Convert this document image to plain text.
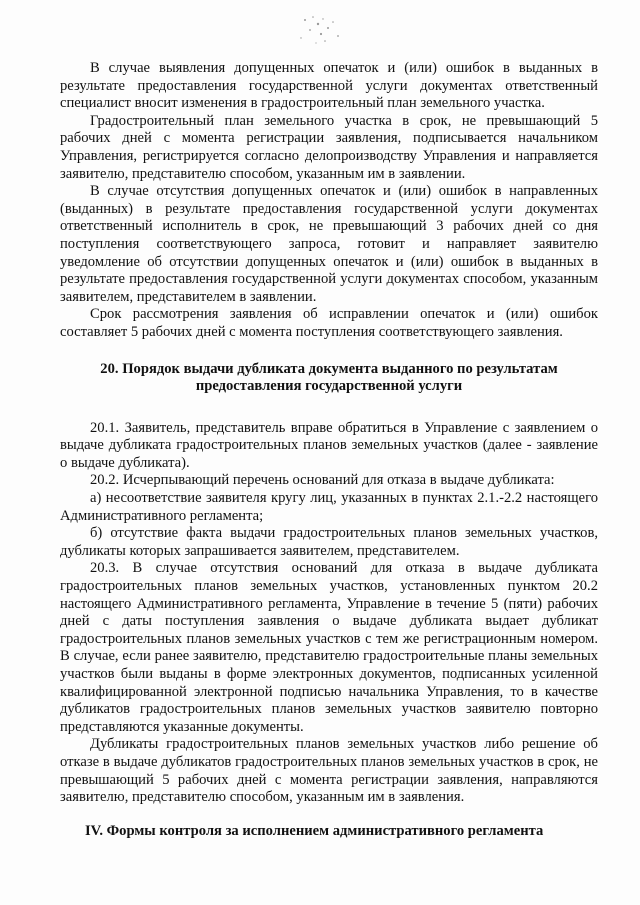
В случае выявления допущенных опечаток и (или) ошибок в выданных в результате предоставления государственной услуги документах ответственный специалист вносит изменения в градостроительный план земельного участка.

Градостроительный план земельного участка в срок, не превышающий 5 рабочих дней с момента регистрации заявления, подписывается начальником Управления, регистрируется согласно делопроизводству Управления и направляется заявителю, представителю способом, указанным им в заявлении.

В случае отсутствия допущенных опечаток и (или) ошибок в направленных (выданных) в результате предоставления государственной услуги документах ответственный исполнитель в срок, не превышающий 3 рабочих дней со дня поступления соответствующего запроса, готовит и направляет заявителю уведомление об отсутствии допущенных опечаток и (или) ошибок в выданных в результате предоставления государственной услуги документах способом, указанным заявителем, представителем в заявлении.

Срок рассмотрения заявления об исправлении опечаток и (или) ошибок составляет 5 рабочих дней с момента поступления соответствующего заявления.

20. Порядок выдачи дубликата документа выданного по результатам предоставления государственной услуги

20.1. Заявитель, представитель вправе обратиться в Управление с заявлением о выдаче дубликата градостроительных планов земельных участков (далее - заявление о выдаче дубликата).

20.2. Исчерпывающий перечень оснований для отказа в выдаче дубликата:

а) несоответствие заявителя кругу лиц, указанных в пунктах 2.1.-2.2 настоящего Административного регламента;

б) отсутствие факта выдачи градостроительных планов земельных участков, дубликаты которых запрашивается заявителем, представителем.

20.3. В случае отсутствия оснований для отказа в выдаче дубликата градостроительных планов земельных участков, установленных пунктом 20.2 настоящего Административного регламента, Управление в течение 5 (пяти) рабочих дней с даты поступления заявления о выдаче дубликата выдает дубликат градостроительных планов земельных участков с тем же регистрационным номером. В случае, если ранее заявителю, представителю градостроительные планы земельных участков были выданы в форме электронных документов, подписанных усиленной квалифицированной электронной подписью начальника Управления, то в качестве дубликатов градостроительных планов земельных участков заявителю повторно представляются указанные документы.

Дубликаты градостроительных планов земельных участков либо решение об отказе в выдаче дубликатов градостроительных планов земельных участков в срок, не превышающий 5 рабочих дней с момента регистрации заявления, направляются заявителю, представителю способом, указанным им в заявления.

IV. Формы контроля за исполнением административного регламента
